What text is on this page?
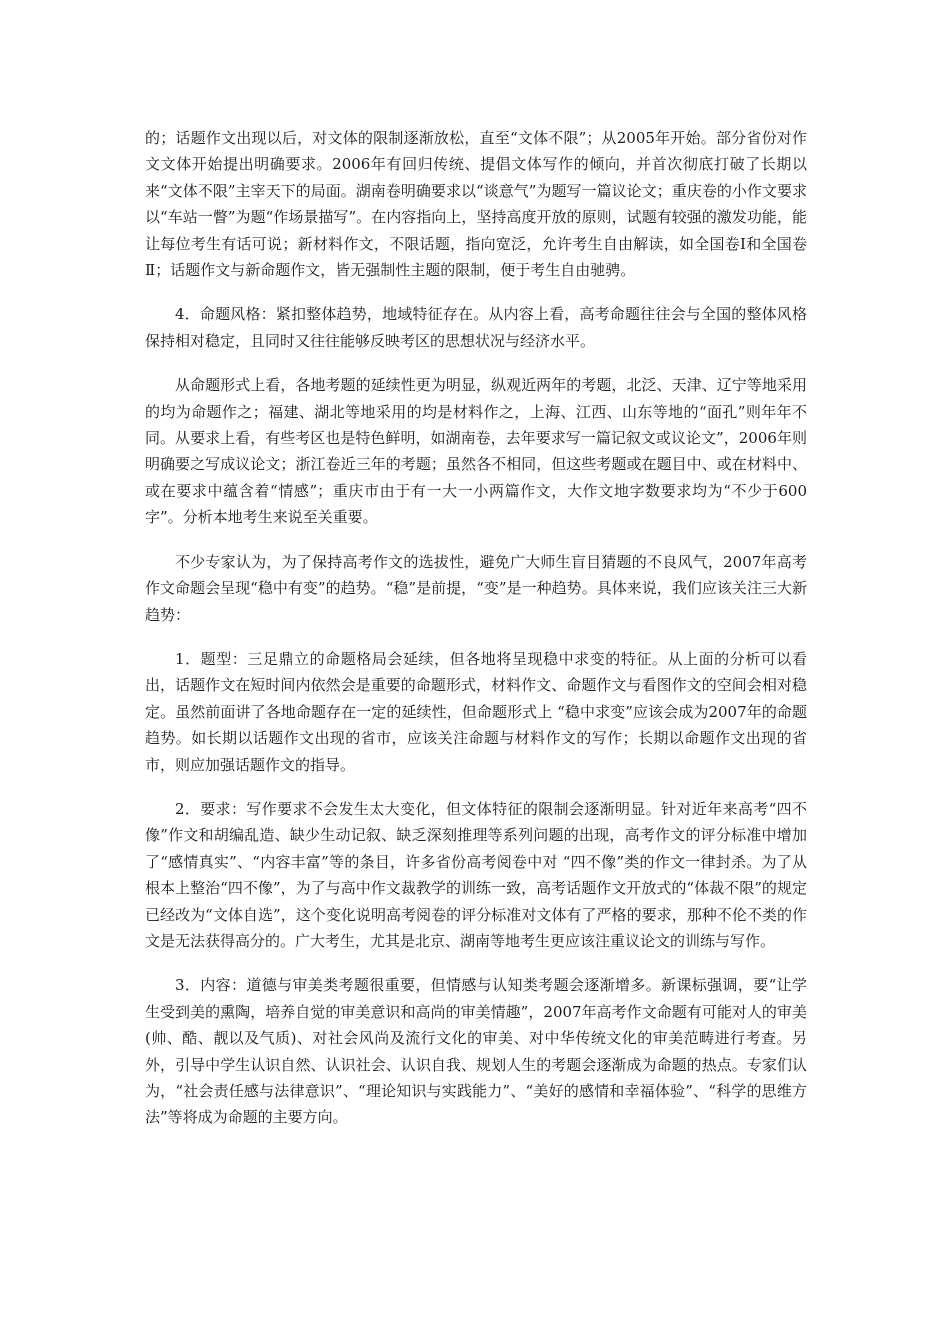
的；话题作文出现以后，对文体的限制逐渐放松，直至“文体不限”；从2005年开始。部分省份对作文文体开始提出明确要求。2006年有回归传统、提倡文体写作的倾向，并首次彻底打破了长期以来“文体不限”主宰天下的局面。湖南卷明确要求以“谈意气”为题写一篇议论文；重庆卷的小作文要求以“车站一瞥”为题“作场景描写”。在内容指向上，坚持高度开放的原则，试题有较强的激发功能，能让每位考生有话可说；新材料作文，不限话题，指向宽泛，允许考生自由解读，如全国卷Ⅰ和全国卷Ⅱ；话题作文与新命题作文，皆无强制性主题的限制，便于考生自由驰骋。

4．命题风格：紧扣整体趋势，地域特征存在。从内容上看，高考命题往往会与全国的整体风格保持相对稳定，且同时又往往能够反映考区的思想状况与经济水平。

从命题形式上看，各地考题的延续性更为明显，纵观近两年的考题，北泛、天津、辽宁等地采用的均为命题作之；福建、湖北等地采用的均是材料作之，上海、江西、山东等地的“面孔”则年年不同。从要求上看，有些考区也是特色鲜明，如湖南卷，去年要求写一篇记叙文或议论文”，2006年则明确要之写成议论文；浙江卷近三年的考题；虽然各不相同，但这些考题或在题目中、或在材料中、或在要求中蕴含着“情感”；重庆市由于有一大一小两篇作文，大作文地字数要求均为“不少于600字”。分析本地考生来说至关重要。

不少专家认为，为了保持高考作文的选拔性，避免广大师生盲目猜题的不良风气，2007年高考作文命题会呈现“稳中有变”的趋势。“稳”是前提，“变”是一种趋势。具体来说，我们应该关注三大新趋势：

1．题型：三足鼎立的命题格局会延续，但各地将呈现稳中求变的特征。从上面的分析可以看出，话题作文在短时间内依然会是重要的命题形式，材料作文、命题作文与看图作文的空间会相对稳定。虽然前面讲了各地命题存在一定的延续性，但命题形式上 “稳中求变”应该会成为2007年的命题趋势。如长期以话题作文出现的省市，应该关注命题与材料作文的写作；长期以命题作文出现的省市，则应加强话题作文的指导。

2．要求：写作要求不会发生太大变化，但文体特征的限制会逐渐明显。针对近年来高考“四不像”作文和胡编乱造、缺少生动记叙、缺乏深刻推理等系列问题的出现，高考作文的评分标准中增加了“感情真实”、“内容丰富”等的条目，许多省份高考阅卷中对 “四不像”类的作文一律封杀。为了从根本上整治“四不像”，为了与高中作文裁教学的训练一致，高考话题作文开放式的“体裁不限”的规定已经改为“文体自选”，这个变化说明高考阅卷的评分标准对文体有了严格的要求，那种不伦不类的作文是无法获得高分的。广大考生，尤其是北京、湖南等地考生更应该注重议论文的训练与写作。

3．内容：道德与审美类考题很重要，但情感与认知类考题会逐渐增多。新课标强调，要“让学生受到美的熏陶，培养自觉的审美意识和高尚的审美情趣”，2007年高考作文命题有可能对人的审美(帅、酷、靓以及气质)、对社会风尚及流行文化的审美、对中华传统文化的审美范畴进行考查。另外，引导中学生认识自然、认识社会、认识自我、规划人生的考题会逐渐成为命题的热点。专家们认为，“社会责任感与法律意识”、“理论知识与实践能力”、“美好的感情和幸福体验”、“科学的思维方法”等将成为命题的主要方向。
